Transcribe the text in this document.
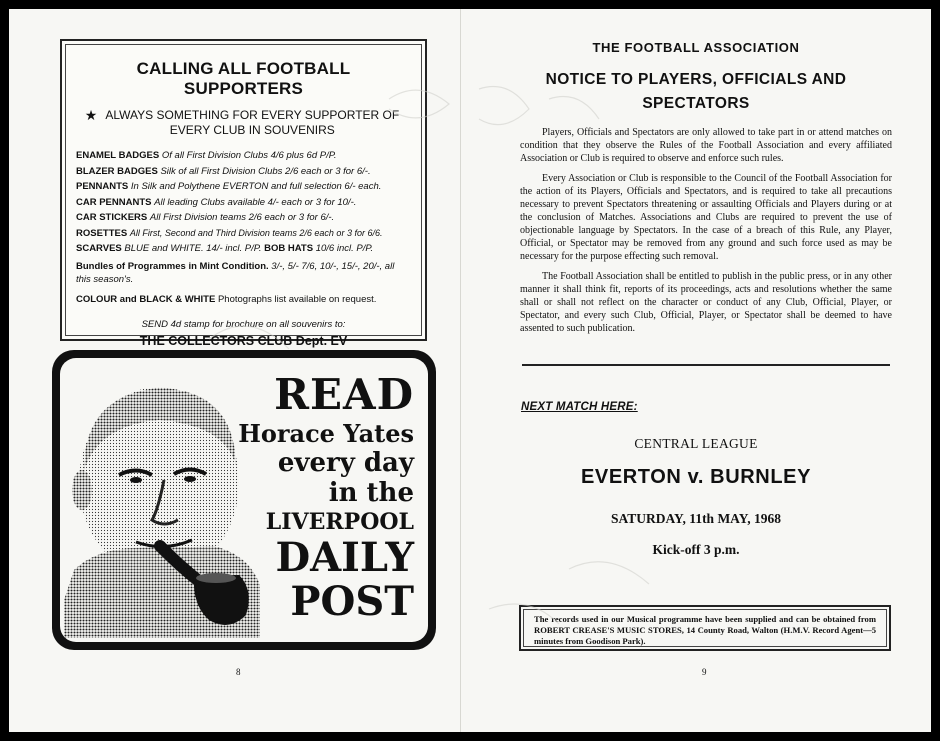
CALLING ALL FOOTBALL SUPPORTERS
★ ALWAYS SOMETHING FOR EVERY SUPPORTER OF EVERY CLUB IN SOUVENIRS
ENAMEL BADGES Of all First Division Clubs 4/6 plus 6d P/P.
BLAZER BADGES Silk of all First Division Clubs 2/6 each or 3 for 6/-.
PENNANTS In Silk and Polythene EVERTON and full selection 6/- each.
CAR PENNANTS All leading Clubs available 4/- each or 3 for 10/-.
CAR STICKERS All First Division teams 2/6 each or 3 for 6/-.
ROSETTES All First, Second and Third Division teams 2/6 each or 3 for 6/6.
SCARVES BLUE and WHITE. 14/- incl. P/P. BOB HATS 10/6 incl. P/P.
Bundles of Programmes in Mint Condition. 3/-, 5/- 7/6, 10/-, 15/-, 20/-, all this season's.
COLOUR and BLACK & WHITE Photographs list available on request.
SEND 4d stamp for brochure on all souvenirs to:
THE COLLECTORS CLUB Dept. EV
READ
Horace Yates
every day
in the
LIVERPOOL
DAILY
POST
8
THE FOOTBALL ASSOCIATION
NOTICE TO PLAYERS, OFFICIALS AND SPECTATORS

Players, Officials and Spectators are only allowed to take part in or attend matches on condition that they observe the Rules of the Football Association and every affiliated Association or Club is required to observe and enforce such rules.

Every Association or Club is responsible to the Council of the Football Association for the action of its Players, Officials and Spectators, and is required to take all precautions necessary to prevent Spectators threatening or assaulting Officials and Players during or at the conclusion of Matches. Associations and Clubs are required to prevent the use of objectionable language by Spectators. In the case of a breach of this Rule, any Player, Official, or Spectator may be removed from any ground and such force used as may be necessary for the purpose effecting such removal.

The Football Association shall be entitled to publish in the public press, or in any other manner it shall think fit, reports of its proceedings, acts and resolutions whether the same shall or shall not reflect on the character or conduct of any Club, Official, Player, or Spectator, and every such Club, Official, Player, or Spectator shall be deemed to have assented to such publication.

NEXT MATCH HERE:
CENTRAL LEAGUE
EVERTON v. BURNLEY
SATURDAY, 11th MAY, 1968
Kick-off 3 p.m.
The records used in our Musical programme have been supplied and can be obtained from ROBERT CREASE'S MUSIC STORES, 14 County Road, Walton (H.M.V. Record Agent—5 minutes from Goodison Park).
9
